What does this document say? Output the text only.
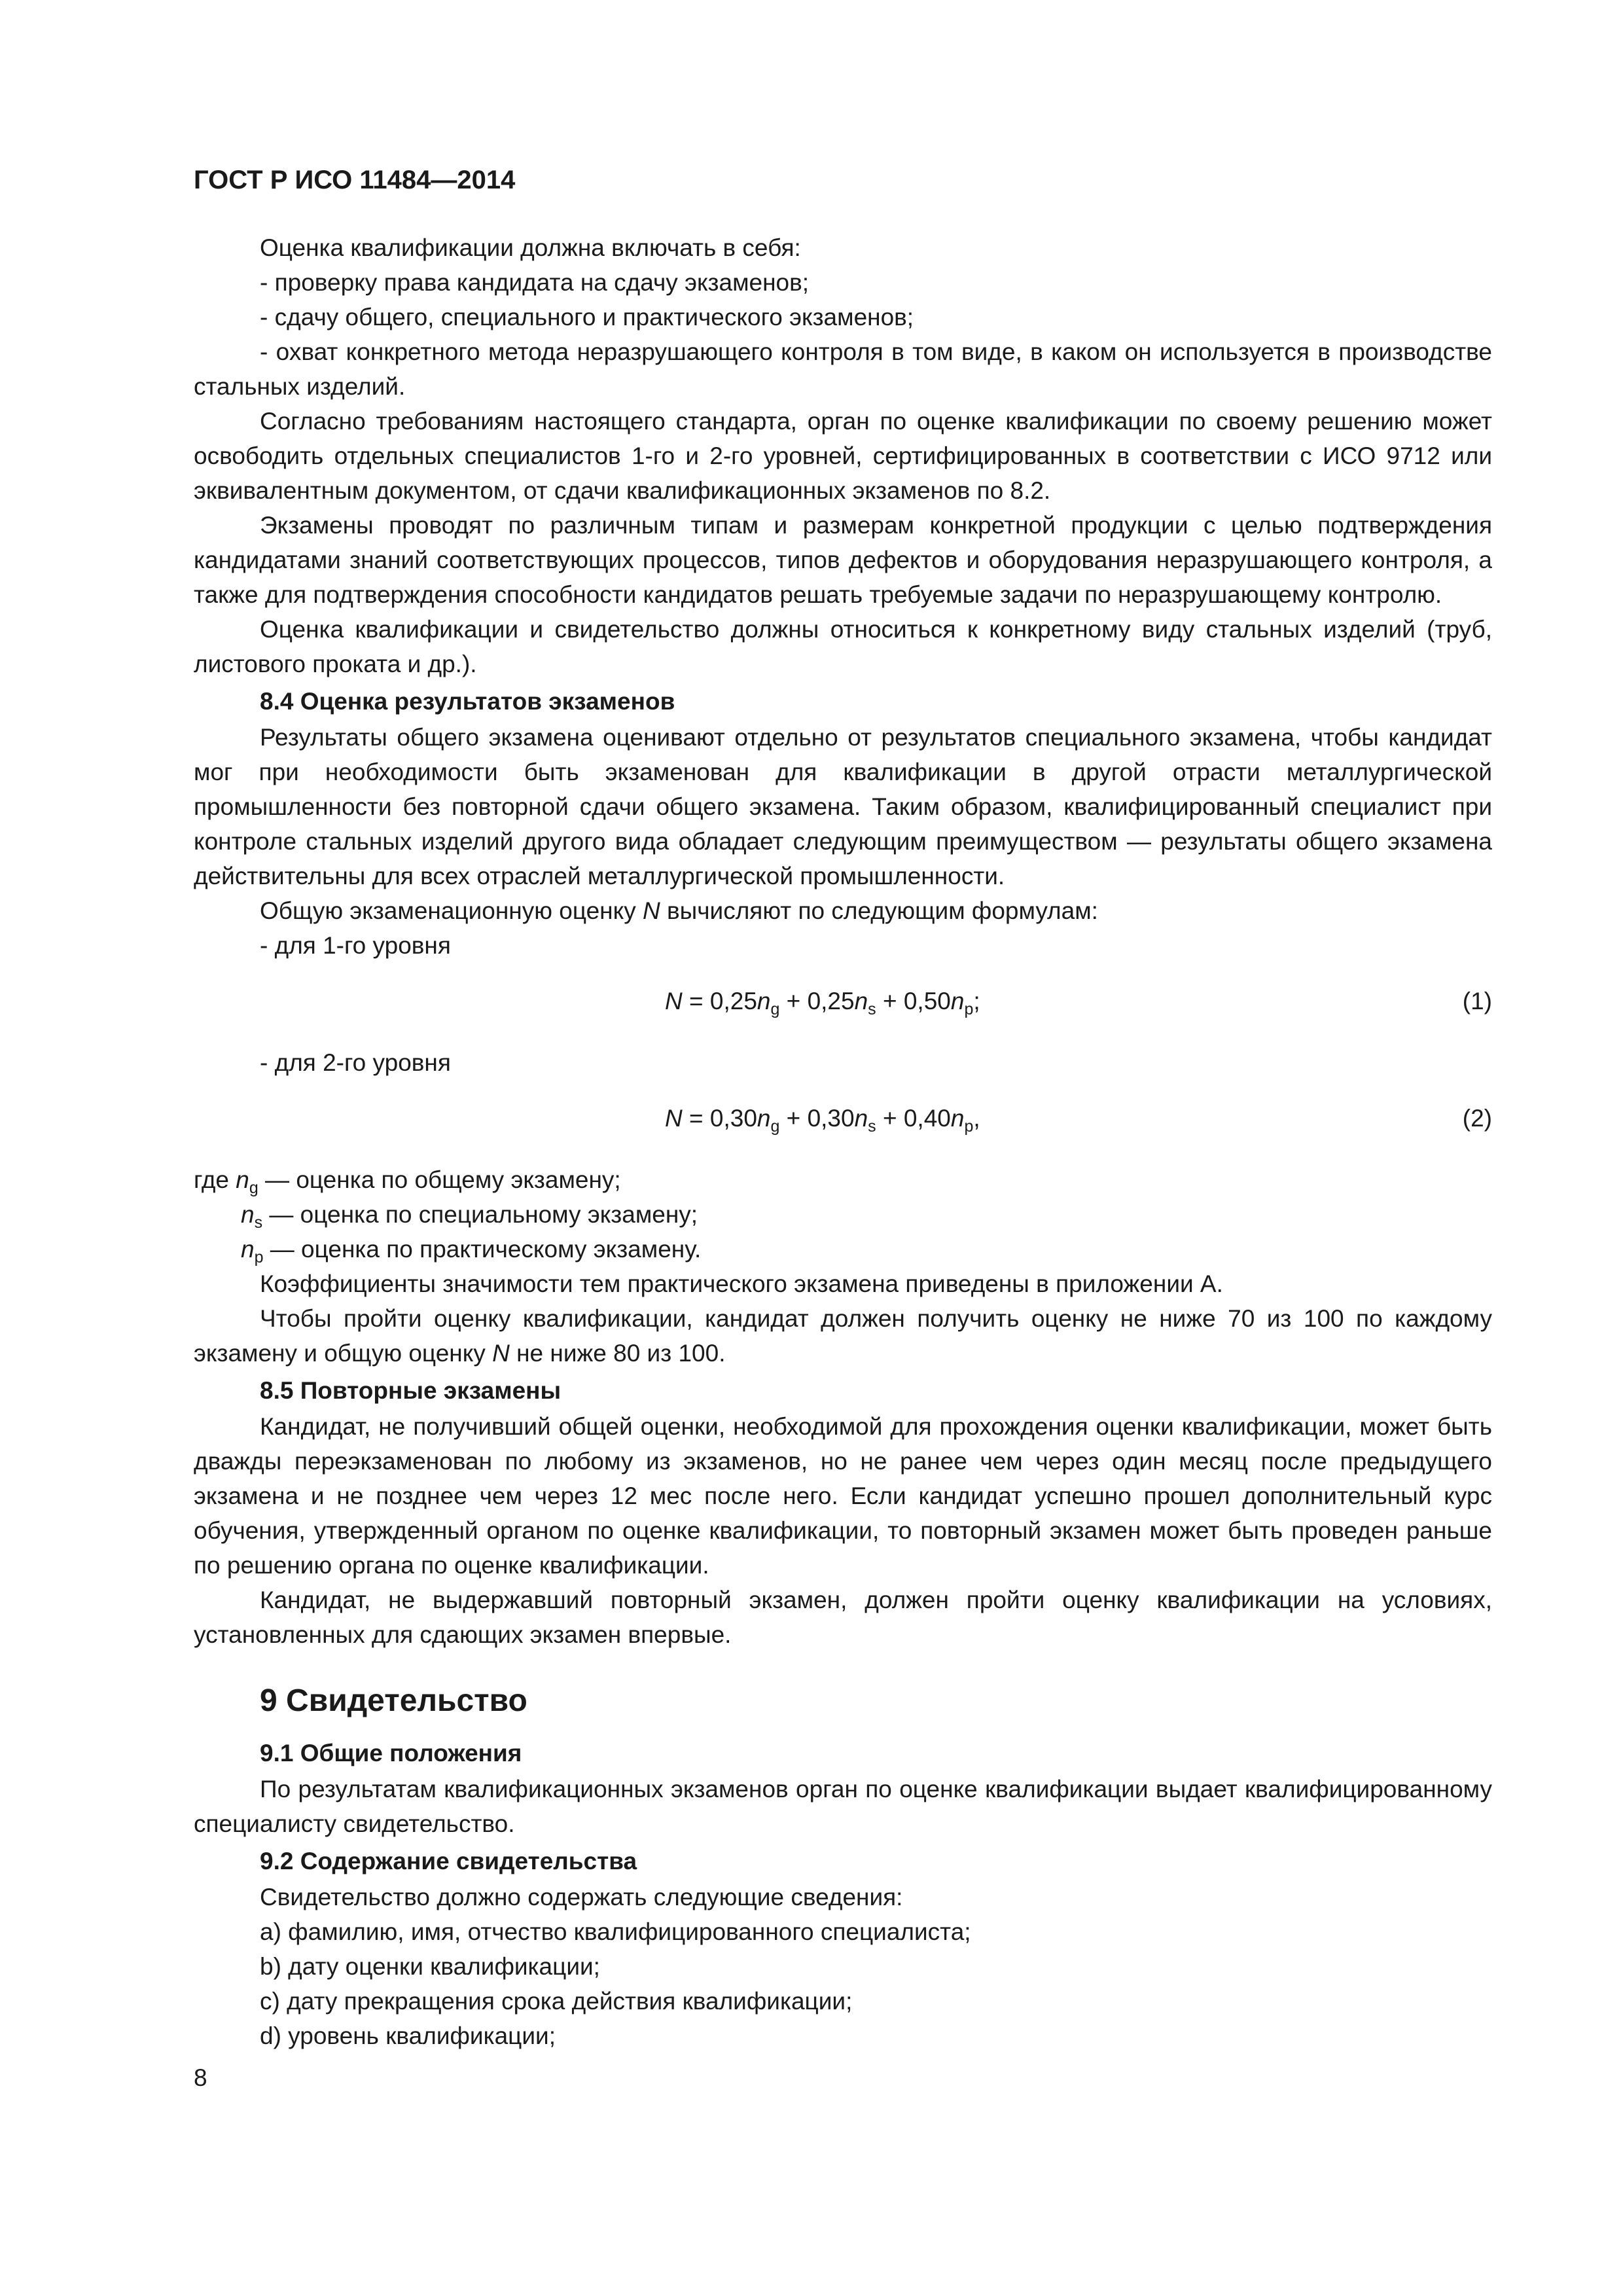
ГОСТ Р ИСО 11484—2014

Оценка квалификации должна включать в себя:

- проверку права кандидата на сдачу экзаменов;

- сдачу общего, специального и практического экзаменов;

- охват конкретного метода неразрушающего контроля в том виде, в каком он используется в производстве стальных изделий.

Согласно требованиям настоящего стандарта, орган по оценке квалификации по своему решению может освободить отдельных специалистов 1-го и 2-го уровней, сертифицированных в соответствии с ИСО 9712 или эквивалентным документом, от сдачи квалификационных экзаменов по 8.2.

Экзамены проводят по различным типам и размерам конкретной продукции с целью подтверждения кандидатами знаний соответствующих процессов, типов дефектов и оборудования неразрушающего контроля, а также для подтверждения способности кандидатов решать требуемые задачи по неразрушающему контролю.

Оценка квалификации и свидетельство должны относиться к конкретному виду стальных изделий (труб, листового проката и др.).

8.4 Оценка результатов экзаменов

Результаты общего экзамена оценивают отдельно от результатов специального экзамена, чтобы кандидат мог при необходимости быть экзаменован для квалификации в другой отрасти металлургической промышленности без повторной сдачи общего экзамена. Таким образом, квалифицированный специалист при контроле стальных изделий другого вида обладает следующим преимуществом — результаты общего экзамена действительны для всех отраслей металлургической промышленности.

Общую экзаменационную оценку N вычисляют по следующим формулам:

- для 1-го уровня

$N = 0,25n_g + 0,25n_s + 0,50n_p$;	(1)

- для 2-го уровня

$N = 0,30n_g + 0,30n_s + 0,40n_p$,	(2)
где $n_g$ — оценка по общему экзамену;
$n_s$ — оценка по специальному экзамену;
$n_p$ — оценка по практическому экзамену.

Коэффициенты значимости тем практического экзамена приведены в приложении А.

Чтобы пройти оценку квалификации, кандидат должен получить оценку не ниже 70 из 100 по каждому экзамену и общую оценку N не ниже 80 из 100.

8.5 Повторные экзамены

Кандидат, не получивший общей оценки, необходимой для прохождения оценки квалификации, может быть дважды переэкзаменован по любому из экзаменов, но не ранее чем через один месяц после предыдущего экзамена и не позднее чем через 12 мес после него. Если кандидат успешно прошел дополнительный курс обучения, утвержденный органом по оценке квалификации, то повторный экзамен может быть проведен раньше по решению органа по оценке квалификации.

Кандидат, не выдержавший повторный экзамен, должен пройти оценку квалификации на условиях, установленных для сдающих экзамен впервые.

9 Свидетельство
9.1 Общие положения

По результатам квалификационных экзаменов орган по оценке квалификации выдает квалифицированному специалисту свидетельство.

9.2 Содержание свидетельства

Свидетельство должно содержать следующие сведения:

a) фамилию, имя, отчество квалифицированного специалиста;

b) дату оценки квалификации;

c) дату прекращения срока действия квалификации;

d) уровень квалификации;

8
